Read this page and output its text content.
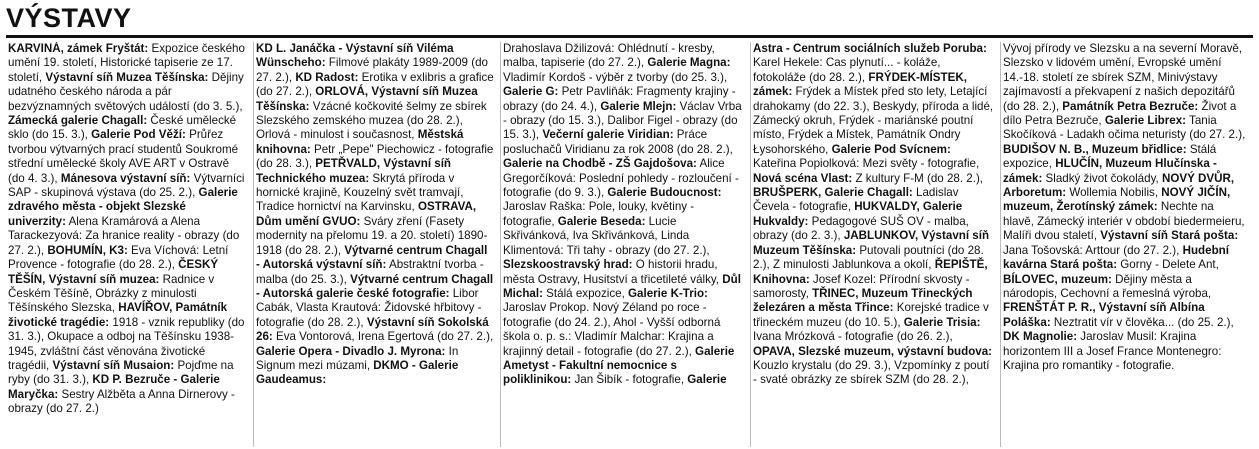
VÝSTAVY

KARVINÁ, zámek Fryštát: Expozice českého umění 19. století, Historické tapiserie ze 17. století, Výstavní síň Muzea Těšínska: Dějiny udatného českého národa a pár bezvýznamných světových událostí (do 3. 5.), Zámecká galerie Chagall: České umělecké sklo (do 15. 3.), Galerie Pod Věží: Průřez tvorbou výtvarných prací studentů Soukromé střední umělecké školy AVE ART v Ostravě (do 4. 3.), Mánesova výstavní síň: Výtvarníci SAP - skupinová výstava (do 25. 2.), Galerie zdravého města - objekt Slezské univerzity: Alena Kramárová a Alena Tarackezyová: Za hranice reality - obrazy (do 27. 2.), BOHUMÍN, K3: Eva Víchová: Letní Provence - fotografie (do 28. 2.), ČESKÝ TĚŠÍN, Výstavní síň muzea: Radnice v Českém Těšíně, Obrázky z minulosti Těšínského Slezska, HAVÍŘOV, Památník životické tragédie: 1918 - vznik republiky (do 31. 3.), Okupace a odboj na Těšínsku 1938-1945, zvláštní část věnována životické tragédii, Výstavní síň Musaion: Pojďme na ryby (do 31. 3.), KD P. Bezruče - Galerie Maryčka: Sestry Alžběta a Anna Dirnerovy - obrazy (do 27. 2.)

KD L. Janáčka - Výstavní síň Viléma Wünscheho: Filmové plakáty 1989-2009 (do 27. 2.), KD Radost: Erotika v exlibris a grafice (do 27. 2.), ORLOVÁ, Výstavní síň Muzea Těšínska: Vzácné kočkovité šelmy ze sbírek Slezského zemského muzea (do 28. 2.), Orlová - minulost i současnost, Městská knihovna: Petr „Pepe" Piechowicz - fotografie (do 28. 3.), PETŘVALD, Výstavní síň Technického muzea: Skrytá příroda v hornické krajině, Kouzelný svět tramvají, Tradice hornictví na Karvinsku, OSTRAVA, Dům umění GVUO: Sváry zření (Fasety modernity na přelomu 19. a 20. století) 1890-1918 (do 28. 2.), Výtvarné centrum Chagall - Autorská výstavní síň: Abstraktní tvorba - malba (do 25. 3.), Výtvarné centrum Chagall - Autorská galerie české fotografie: Libor Cabák, Vlasta Krautová: Židovské hřbitovy - fotografie (do 28. 2.), Výstavní síň Sokolská 26: Eva Vontorová, Irena Egertová (do 27. 2.), Galerie Opera - Divadlo J. Myrona: In Signum mezi múzami, DKMO - Galerie Gaudeamus:

Drahoslava Džilizová: Ohlédnutí - kresby, malba, tapiserie (do 27. 2.), Galerie Magna: Vladimír Kordoš - výběr z tvorby (do 25. 3.), Galerie G: Petr Pavliňák: Fragmenty krajiny - obrazy (do 24. 4.), Galerie Mlejn: Václav Vrba - obrazy (do 15. 3.), Dalibor Figel - obrazy (do 15. 3.), Večerní galerie Viridian: Práce posluchačů Viridianu za rok 2008 (do 28. 2.), Galerie na Chodbě - ZŠ Gajdošova: Alice Gregorčíková: Poslední pohledy - rozloučení - fotografie (do 9. 3.), Galerie Budoucnost: Jaroslav Raška: Pole, louky, květiny - fotografie, Galerie Beseda: Lucie Skřivánková, Iva Skřivánková, Linda Klimentová: Tři tahy - obrazy (do 27. 2.), Slezskoostravský hrad: O historii hradu, města Ostravy, Husitství a třicetileté války, Důl Michal: Stálá expozice, Galerie K-Trio: Jaroslav Prokop. Nový Zéland po roce - fotografie (do 24. 2.), Ahol - Vyšší odborná škola o. p. s.: Vladimír Malchar: Krajina a krajinný detail - fotografie (do 27. 2.), Galerie Ametyst - Fakultní nemocnice s poliklinikou: Jan Šibík - fotografie, Galerie

Astra - Centrum sociálních služeb Poruba: Karel Hekele: Cas plynutí... - koláže, fotokoláže (do 28. 2.), FRÝDEK-MÍSTEK, zámek: Frýdek a Místek před sto lety, Letající drahokamy (do 22. 3.), Beskydy, příroda a lidé, Zámecký okruh, Frýdek - mariánské poutní místo, Frýdek a Místek, Památník Ondry Łysohorského, Galerie Pod Svícnem: Kateřina Popiolková: Mezi světy - fotografie, Nová scéna Vlast: Z kultury F-M (do 28. 2.), BRUŠPERK, Galerie Chagall: Ladislav Čevela - fotografie, HUKVALDY, Galerie Hukvaldy: Pedagogové SUŠ OV - malba, obrazy (do 2. 3.), JABLUNKOV, Výstavní síň Muzeum Těšínska: Putovali poutníci (do 28. 2.), Z minulosti Jablunkova a okolí, ŘEPIŠTĚ, Knihovna: Josef Kozel: Přírodní skvosty - samorosty, TŘINEC, Muzeum Třineckých železáren a města Třince: Korejské tradice v třineckém muzeu (do 10. 5.), Galerie Trisia: Ivana Mrózková - fotografie (do 26. 2.), OPAVA, Slezské muzeum, výstavní budova: Kouzlo krystalu (do 29. 3.), Vzpomínky z poutí - svaté obrázky ze sbírek SZM (do 28. 2.),

Vývoj přírody ve Slezsku a na severní Moravě, Slezsko v lidovém umění, Evropské umění 14.-18. století ze sbírek SZM, Minivýstavy zajímavostí a překvapení z našich depozitářů (do 28. 2.), Památník Petra Bezruče: Život a dílo Petra Bezruče, Galerie Librex: Tania Skočíková - Ladakh očima neturisty (do 27. 2.), BUDIŠOV N. B., Muzeum břidlice: Stálá expozice, HLUČÍN, Muzeum Hlučínska - zámek: Sladký život čokolády, NOVÝ DVŮR, Arboretum: Wollemia Nobilis, NOVÝ JIČÍN, muzeum, Žerotínský zámek: Nechte na hlavě, Zámecký interiér v období biedermeieru, Malíři dvou staletí, Výstavní síň Stará pošta: Jana Tošovská: Arttour (do 27. 2.), Hudební kavárna Stará pošta: Gorny - Delete Ant, BÍLOVEC, muzeum: Dějiny města a národopis, Cechovní a řemeslná výroba, FRENŠTÁT P. R., Výstavní síň Albína Poláška: Neztratit vír v člověka... (do 25. 2.), DK Magnolie: Jaroslav Musil: Krajina horizontem III a Josef France Montenegro: Krajina pro romantiky - fotografie.
